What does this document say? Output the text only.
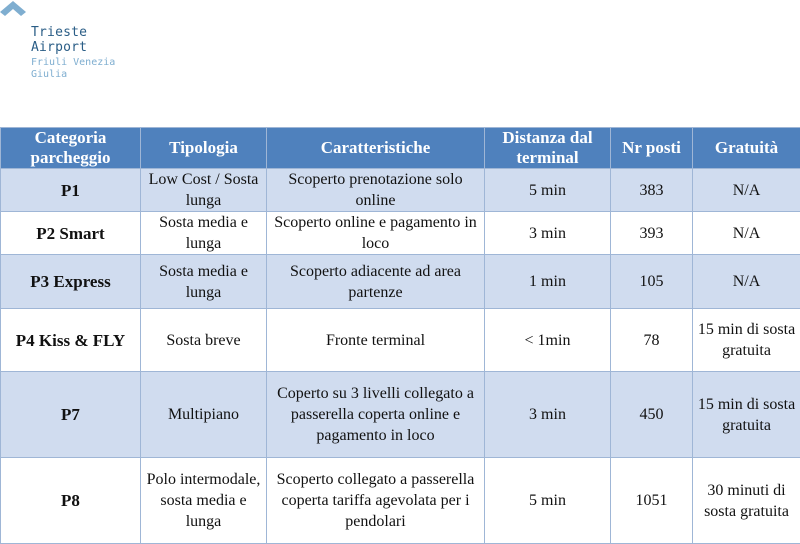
Trieste
Airport
Friuli Venezia
Giulia
Categoria parcheggio	Tipologia	Caratteristiche	Distanza dal terminal	Nr posti	Gratuità
P1	Low Cost / Sosta lunga	Scoperto prenotazione solo online	5 min	383	N/A
P2 Smart	Sosta media e lunga	Scoperto online e pagamento in loco	3 min	393	N/A
P3 Express	Sosta media e lunga	Scoperto adiacente ad area partenze	1 min	105	N/A
P4 Kiss & FLY	Sosta breve	Fronte terminal	< 1min	78	15 min di sosta gratuita
P7	Multipiano	Coperto su 3 livelli collegato a passerella coperta online e pagamento in loco	3 min	450	15 min di sosta gratuita
P8	Polo intermodale, sosta media e lunga	Scoperto collegato a passerella coperta tariffa agevolata per i pendolari	5 min	1051	30 minuti di sosta gratuita
